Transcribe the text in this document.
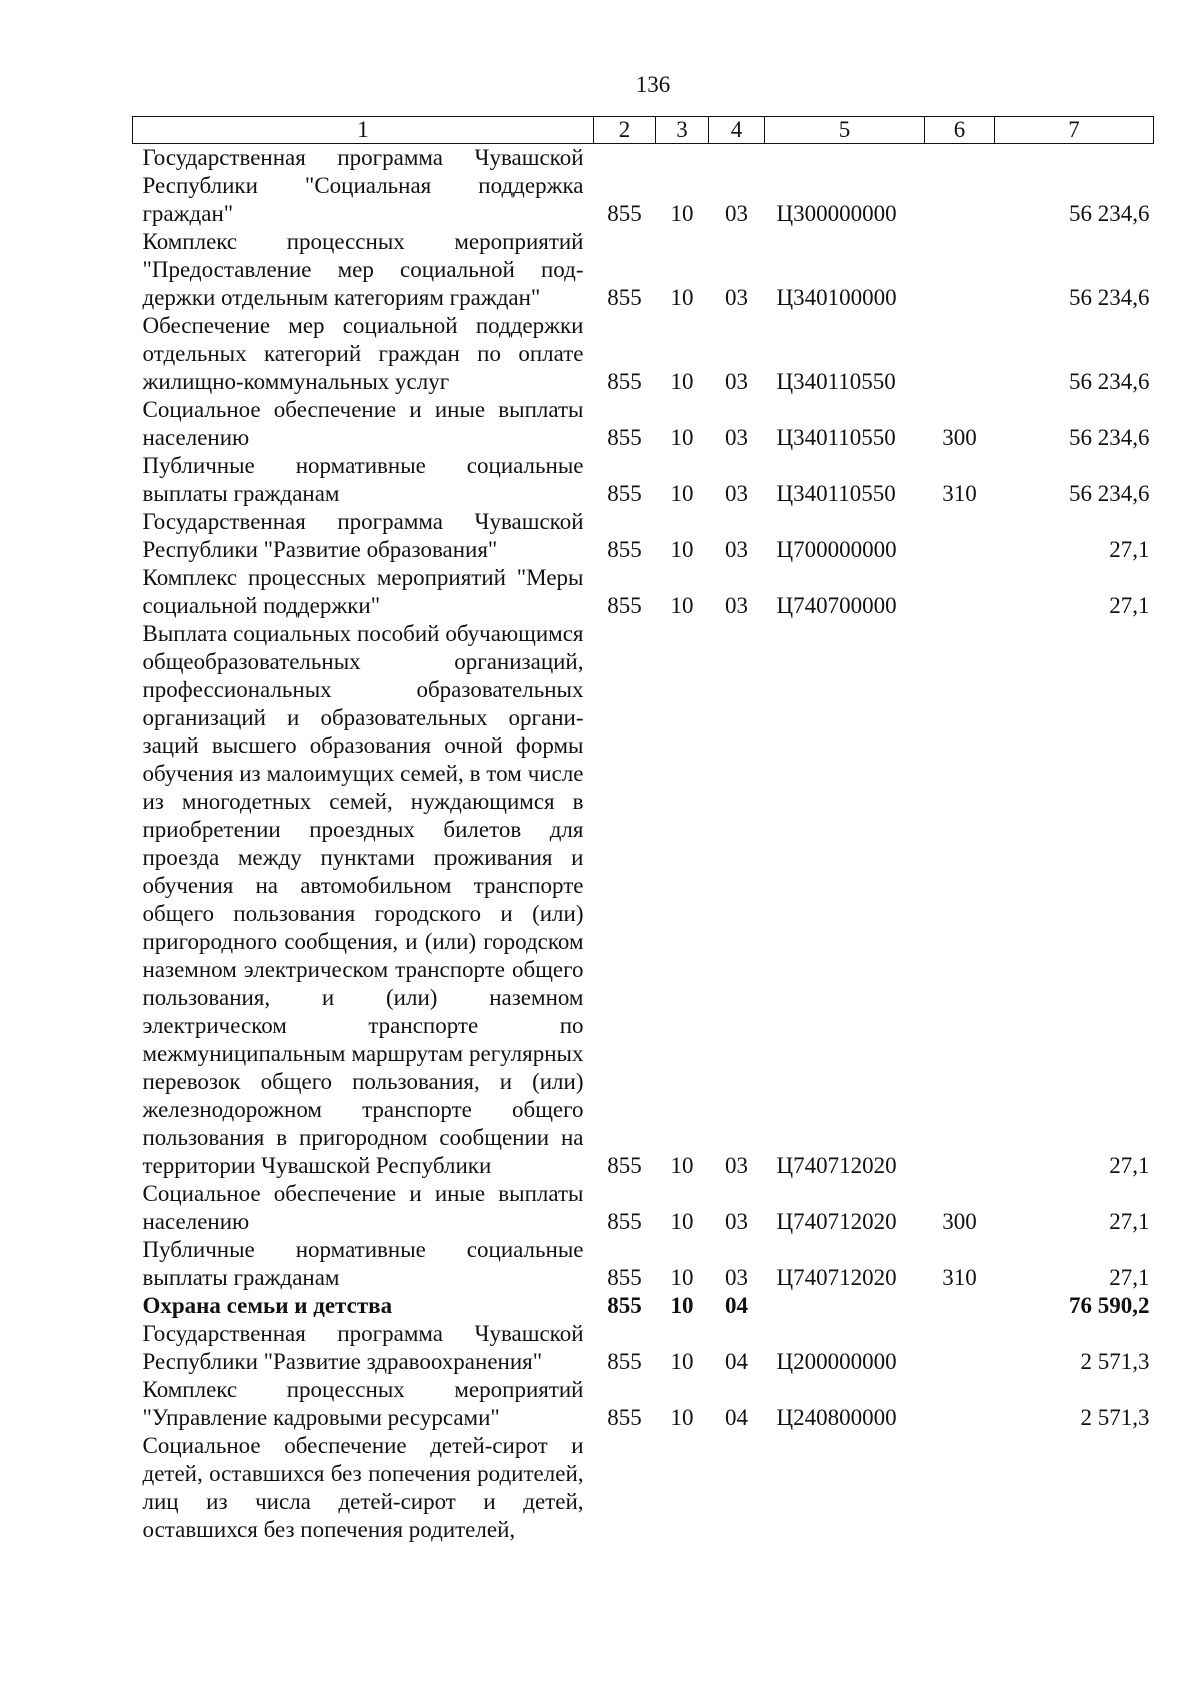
136
1	2	3	4	5	6	7
Государственная программа Чувашской Республики "Социальная поддержка граждан"	855	10	03	Ц300000000		56 234,6
Комплекс процессных мероприятий "Предоставление мер социальной поддержки отдельным категориям граждан"	855	10	03	Ц340100000		56 234,6
Обеспечение мер социальной поддержки отдельных категорий граждан по оплате жилищно-коммунальных услуг	855	10	03	Ц340110550		56 234,6
Социальное обеспечение и иные выплаты населению	855	10	03	Ц340110550	300	56 234,6
Публичные нормативные социальные выплаты гражданам	855	10	03	Ц340110550	310	56 234,6
Государственная программа Чувашской Республики "Развитие образования"	855	10	03	Ц700000000		27,1
Комплекс процессных мероприятий "Меры социальной поддержки"	855	10	03	Ц740700000		27,1
Выплата социальных пособий обучающимся общеобразовательных организаций, профессиональных образовательных организаций и образовательных организаций высшего образования очной формы обучения из малоимущих семей, в том числе из многодетных семей, нуждающимся в приобретении проездных билетов для проезда между пунктами проживания и обучения на автомобильном транспорте общего пользования городского и (или) пригородного сообщения, и (или) городском наземном электрическом транспорте общего пользования, и (или) наземном электрическом транспорте по межмуниципальным маршрутам регулярных перевозок общего пользования, и (или) железнодорожном транспорте общего пользования в пригородном сообщении на территории Чувашской Республики	855	10	03	Ц740712020		27,1
Социальное обеспечение и иные выплаты населению	855	10	03	Ц740712020	300	27,1
Публичные нормативные социальные выплаты гражданам	855	10	03	Ц740712020	310	27,1
Охрана семьи и детства	855	10	04			76 590,2
Государственная программа Чувашской Республики "Развитие здравоохранения"	855	10	04	Ц200000000		2 571,3
Комплекс процессных мероприятий "Управление кадровыми ресурсами"	855	10	04	Ц240800000		2 571,3
Социальное обеспечение детей-сирот и детей, оставшихся без попечения родителей, лиц из числа детей-сирот и детей, оставшихся без попечения родителей,						
